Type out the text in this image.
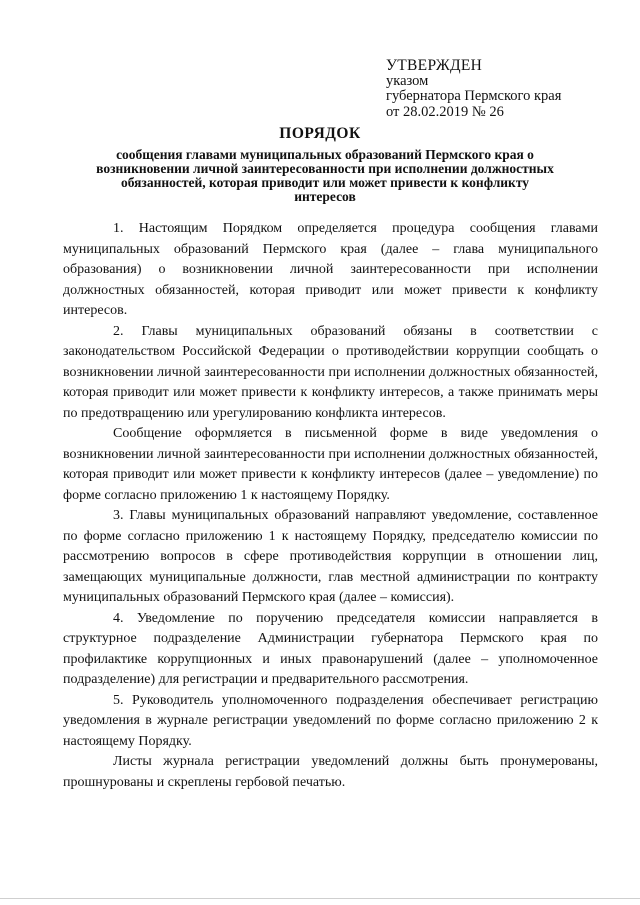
УТВЕРЖДЕН
указом
губернатора Пермского края
от 28.02.2019 № 26
ПОРЯДОК
сообщения главами муниципальных образований Пермского края о возникновении личной заинтересованности при исполнении должностных обязанностей, которая приводит или может привести к конфликту интересов

1. Настоящим Порядком определяется процедура сообщения главами муниципальных образований Пермского края (далее – глава муниципального образования) о возникновении личной заинтересованности при исполнении должностных обязанностей, которая приводит или может привести к конфликту интересов.

2. Главы муниципальных образований обязаны в соответствии с законодательством Российской Федерации о противодействии коррупции сообщать о возникновении личной заинтересованности при исполнении должностных обязанностей, которая приводит или может привести к конфликту интересов, а также принимать меры по предотвращению или урегулированию конфликта интересов.

Сообщение оформляется в письменной форме в виде уведомления о возникновении личной заинтересованности при исполнении должностных обязанностей, которая приводит или может привести к конфликту интересов (далее – уведомление) по форме согласно приложению 1 к настоящему Порядку.

3. Главы муниципальных образований направляют уведомление, составленное по форме согласно приложению 1 к настоящему Порядку, председателю комиссии по рассмотрению вопросов в сфере противодействия коррупции в отношении лиц, замещающих муниципальные должности, глав местной администрации по контракту муниципальных образований Пермского края (далее – комиссия).

4. Уведомление по поручению председателя комиссии направляется в структурное подразделение Администрации губернатора Пермского края по профилактике коррупционных и иных правонарушений (далее – уполномоченное подразделение) для регистрации и предварительного рассмотрения.

5. Руководитель уполномоченного подразделения обеспечивает регистрацию уведомления в журнале регистрации уведомлений по форме согласно приложению 2 к настоящему Порядку.

Листы журнала регистрации уведомлений должны быть пронумерованы, прошнурованы и скреплены гербовой печатью.
